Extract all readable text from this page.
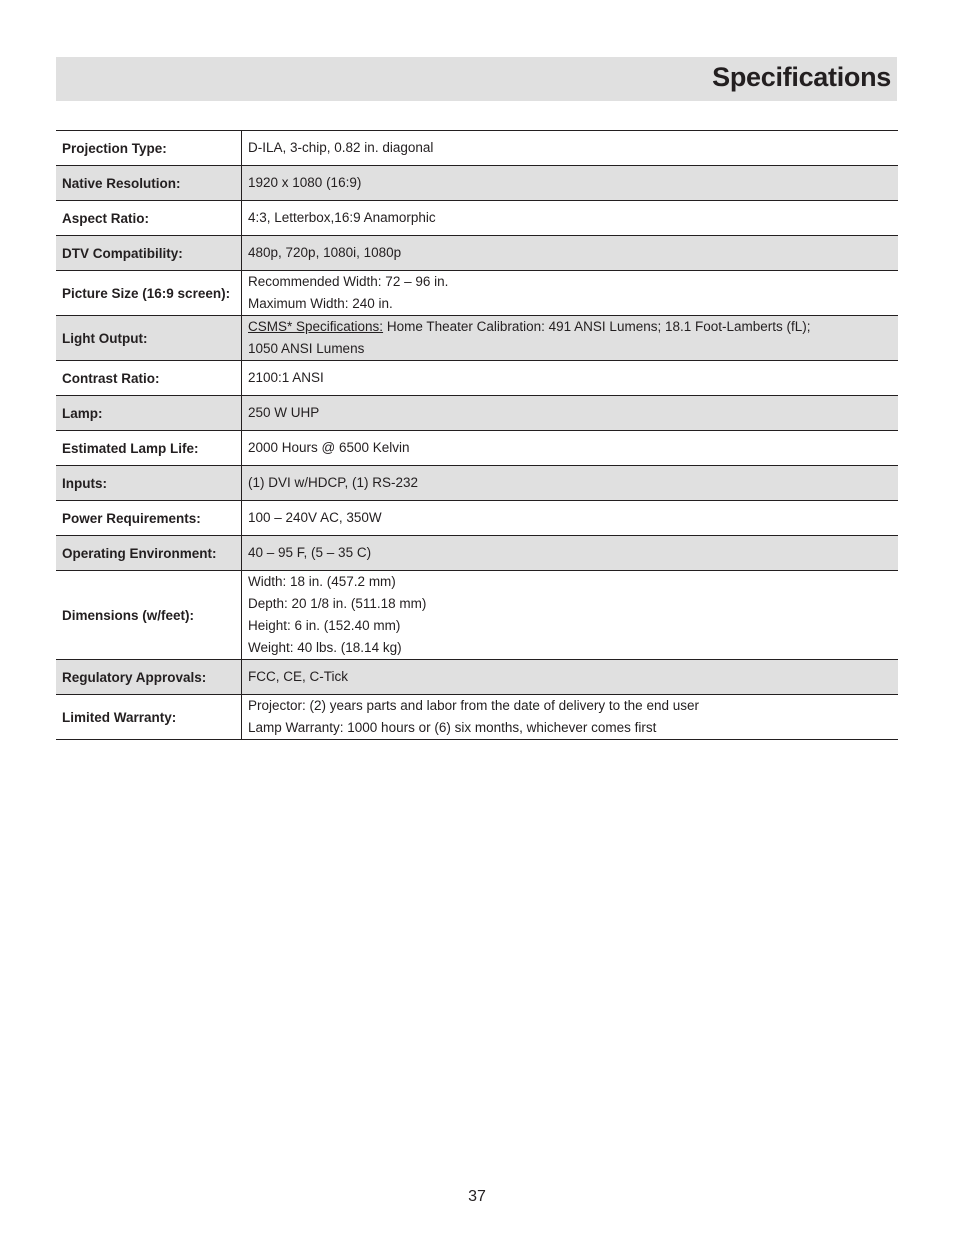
Specifications
Projection Type:	D-ILA, 3-chip, 0.82 in. diagonal

Native Resolution:	1920 x 1080 (16:9)

Aspect Ratio:	4:3, Letterbox,16:9 Anamorphic

DTV Compatibility:	480p, 720p, 1080i, 1080p

Picture Size (16:9 screen):	Recommended Width: 72 – 96 in.
Maximum Width: 240 in.

Light Output:	CSMS* Specifications: Home Theater Calibration: 491 ANSI Lumens; 18.1 Foot-Lamberts (fL);
1050 ANSI Lumens

Contrast Ratio:	2100:1 ANSI

Lamp:	250 W UHP

Estimated Lamp Life:	2000 Hours @ 6500 Kelvin

Inputs:	(1) DVI w/HDCP, (1) RS-232

Power Requirements:	100 – 240V AC, 350W

Operating Environment:	40 – 95 F, (5 – 35 C)

Dimensions (w/feet):	Width: 18 in. (457.2 mm)
Depth: 20 1/8 in. (511.18 mm)
Height: 6 in. (152.40 mm)
Weight: 40 lbs. (18.14 kg)

Regulatory Approvals:	FCC, CE, C-Tick

Limited Warranty:	Projector: (2) years parts and labor from the date of delivery to the end user
Lamp Warranty: 1000 hours or (6) six months, whichever comes first
37
